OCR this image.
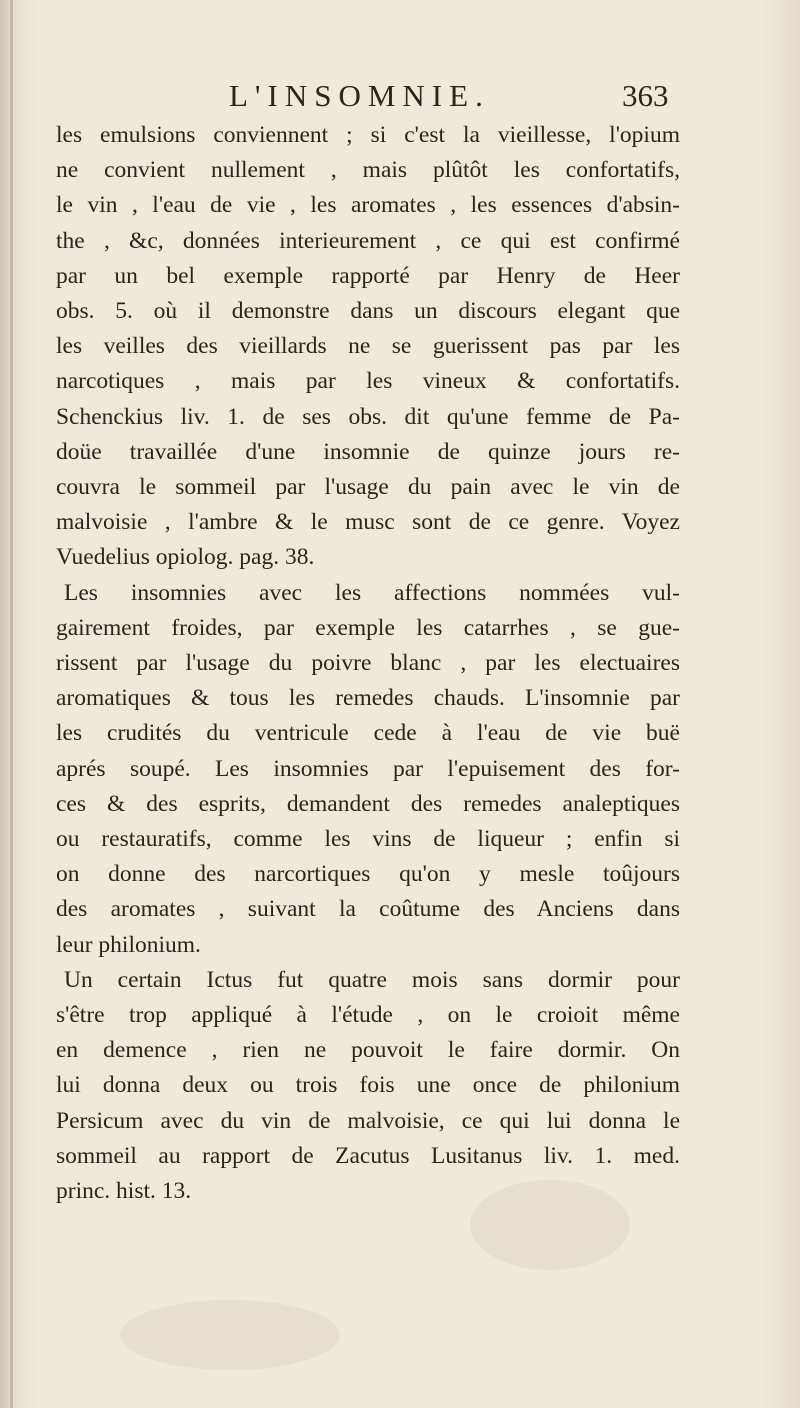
L'INSOMNIE.	363

les emulsions conviennent ; si c'est la vieillesse, l'opium

ne convient nullement , mais plûtôt les confortatifs,

le vin , l'eau de vie , les aromates , les essences d'absin-

the , &c, données interieurement , ce qui est confirmé

par un bel exemple rapporté par Henry de Heer

obs. 5. où il demonstre dans un discours elegant que

les veilles des vieillards ne se guerissent pas par les

narcotiques , mais par les vineux & confortatifs.

Schenckius liv. 1. de ses obs. dit qu'une femme de Pa-

doüe travaillée d'une insomnie de quinze jours re-

couvra le sommeil par l'usage du pain avec le vin de

malvoisie , l'ambre & le musc sont de ce genre. Voyez

Vuedelius opiolog. pag. 38.

Les insomnies avec les affections nommées vul-

gairement froides, par exemple les catarrhes , se gue-

rissent par l'usage du poivre blanc , par les electuaires

aromatiques & tous les remedes chauds. L'insomnie par

les crudités du ventricule cede à l'eau de vie buë

aprés soupé. Les insomnies par l'epuisement des for-

ces & des esprits, demandent des remedes analeptiques

ou restauratifs, comme les vins de liqueur ; enfin si

on donne des narcortiques qu'on y mesle toûjours

des aromates , suivant la coûtume des Anciens dans

leur philonium.

Un certain Ictus fut quatre mois sans dormir pour

s'être trop appliqué à l'étude , on le croioit même

en demence , rien ne pouvoit le faire dormir. On

lui donna deux ou trois fois une once de philonium

Persicum avec du vin de malvoisie, ce qui lui donna le

sommeil au rapport de Zacutus Lusitanus liv. 1. med.

princ. hist. 13.
